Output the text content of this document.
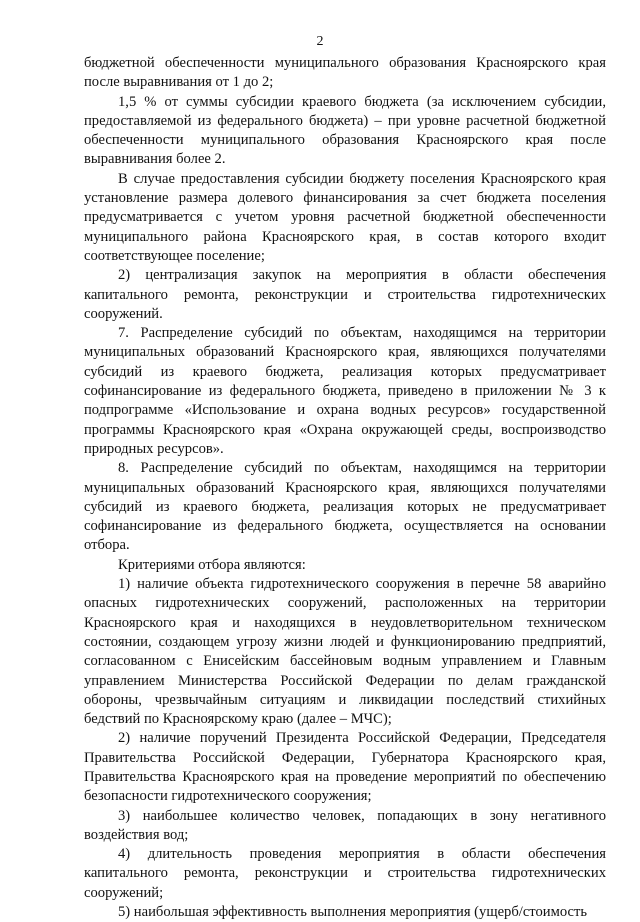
2

бюджетной обеспеченности муниципального образования Красноярского края после выравнивания от 1 до 2;

1,5 % от суммы субсидии краевого бюджета (за исключением субсидии, предоставляемой из федерального бюджета) – при уровне расчетной бюджетной обеспеченности муниципального образования Красноярского края после выравнивания более 2.

В случае предоставления субсидии бюджету поселения Красноярского края установление размера долевого финансирования за счет бюджета поселения предусматривается с учетом уровня расчетной бюджетной обеспеченности муниципального района Красноярского края, в состав которого входит соответствующее поселение;

2) централизация закупок на мероприятия в области обеспечения капитального ремонта, реконструкции и строительства гидротехнических сооружений.

7. Распределение субсидий по объектам, находящимся на территории муниципальных образований Красноярского края, являющихся получателями субсидий из краевого бюджета, реализация которых предусматривает софинансирование из федерального бюджета, приведено в приложении № 3 к подпрограмме «Использование и охрана водных ресурсов» государственной программы Красноярского края «Охрана окружающей среды, воспроизводство природных ресурсов».

8. Распределение субсидий по объектам, находящимся на территории муниципальных образований Красноярского края, являющихся получателями субсидий из краевого бюджета, реализация которых не предусматривает софинансирование из федерального бюджета, осуществляется на основании отбора.

Критериями отбора являются:

1) наличие объекта гидротехнического сооружения в перечне 58 аварийно опасных гидротехнических сооружений, расположенных на территории Красноярского края и находящихся в неудовлетворительном техническом состоянии, создающем угрозу жизни людей и функционированию предприятий, согласованном с Енисейским бассейновым водным управлением и Главным управлением Министерства Российской Федерации по делам гражданской обороны, чрезвычайным ситуациям и ликвидации последствий стихийных бедствий по Красноярскому краю (далее – МЧС);

2) наличие поручений Президента Российской Федерации, Председателя Правительства Российской Федерации, Губернатора Красноярского края, Правительства Красноярского края на проведение мероприятий по обеспечению безопасности гидротехнического сооружения;

3) наибольшее количество человек, попадающих в зону негативного воздействия вод;

4) длительность проведения мероприятия в области обеспечения капитального ремонта, реконструкции и строительства гидротехнических сооружений;

5) наибольшая эффективность выполнения мероприятия (ущерб/стоимость
